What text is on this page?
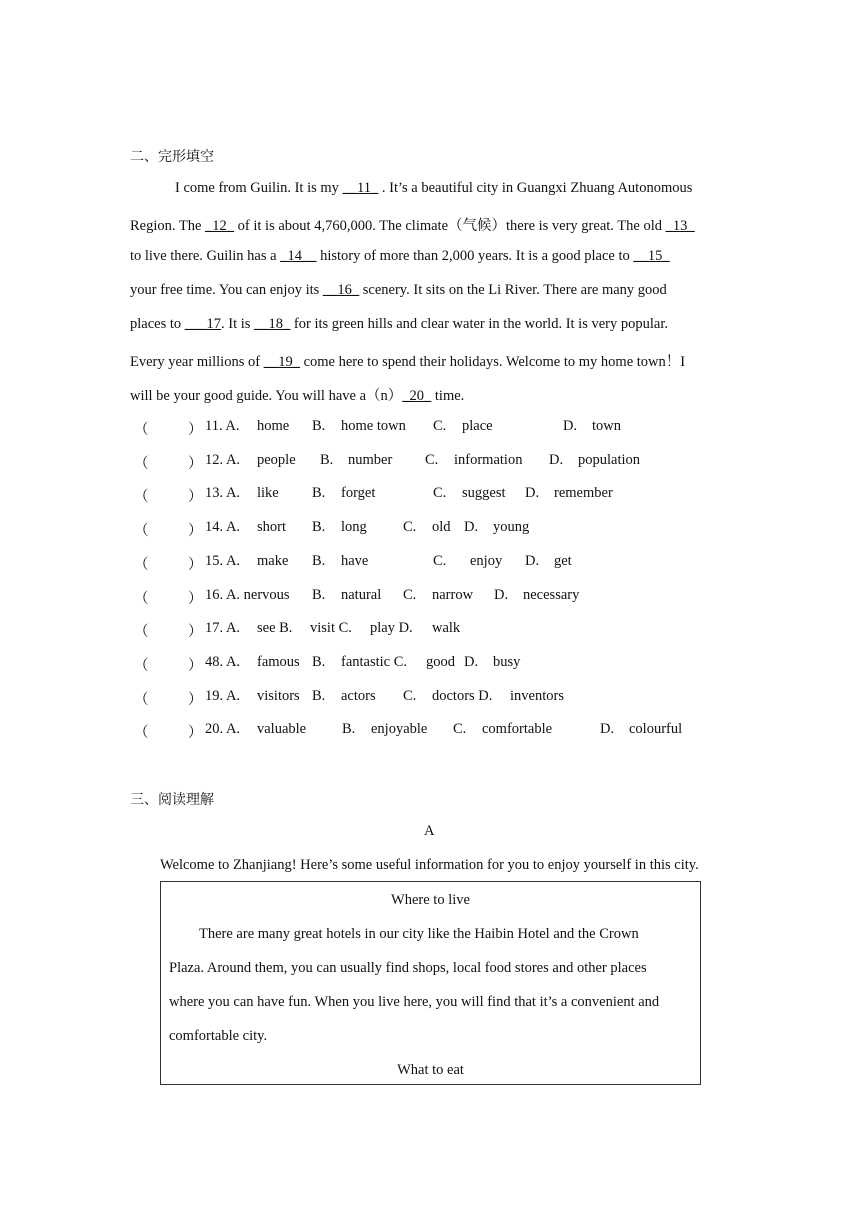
二、完形填空
I come from Guilin. It is my __11_ . It’s a beautiful city in Guangxi Zhuang Autonomous
Region. The _12_ of it is about 4,760,000. The climate（气候）there is very great. The old _13_
to live there. Guilin has a _14__ history of more than 2,000 years. It is a good place to __15_
your free time. You can enjoy its __16_ scenery. It sits on the Li River. There are many good
places to ___17. It is __18_ for its green hills and clear water in the world. It is very popular.
Every year millions of __19_ come here to spend their holidays. Welcome to my home town！I
will be your good guide. You will have a（n）_20_ time.
（	） 11. A. home B. home town C. place	D. town
（	） 12. A. people B. number C. information D. population
（	） 13. A. like B. forget	C. suggest D. remember
（	） 14. A. short B. long C. old D. young
（	） 15. A. make B. have	C. enjoy D. get
（	） 16. A. nervous B. natural C. narrow D. necessary
（	） 17. A. see B. visit C. play D. walk
（	） 48. A. famous B. fantastic C. good D. busy
（	） 19. A. visitors B. actors C. doctors D. inventors
（	） 20. A. valuable B. enjoyable C. comfortable	D. colourful
三、阅读理解
A
Welcome to Zhanjiang! Here’s some useful information for you to enjoy yourself in this city.
Where to live
There are many great hotels in our city like the Haibin Hotel and the Crown
Plaza. Around them, you can usually find shops, local food stores and other places
where you can have fun. When you live here, you will find that it’s a convenient and
comfortable city.
What to eat
